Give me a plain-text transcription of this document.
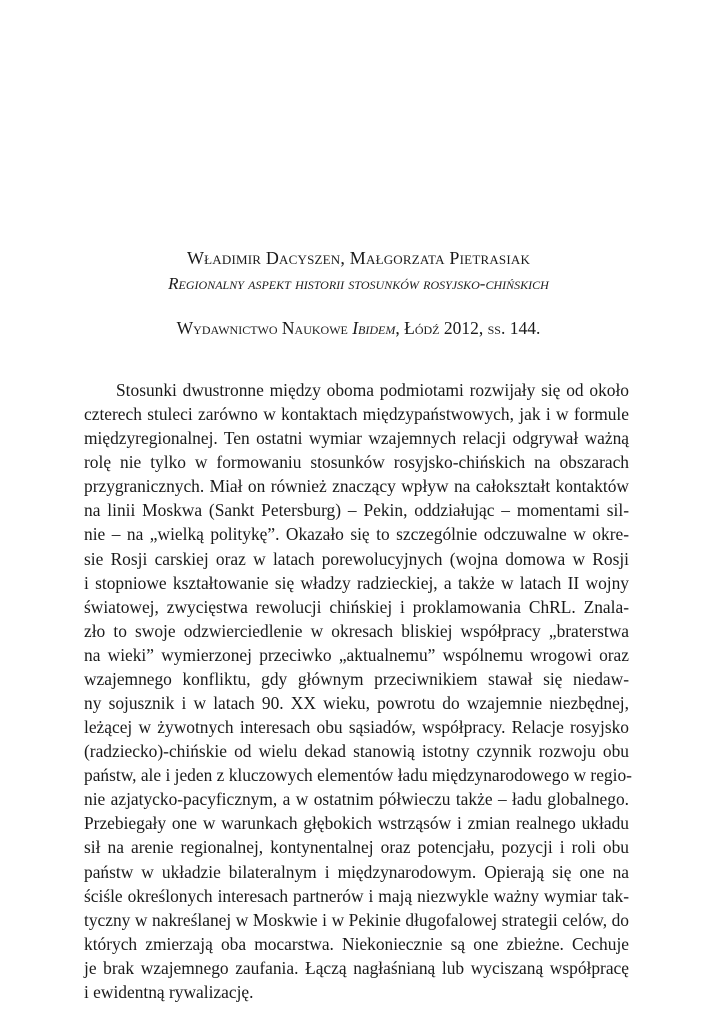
Władimir Dacyszen, Małgorzata Pietrasiak
Regionalny aspekt historii stosunków rosyjsko-chińskich
Wydawnictwo Naukowe Ibidem, Łódź 2012, ss. 144.
Stosunki dwustronne między oboma podmiotami rozwijały się od około
czterech stuleci zarówno w kontaktach międzypaństwowych, jak i w formule
międzyregionalnej. Ten ostatni wymiar wzajemnych relacji odgrywał ważną
rolę nie tylko w formowaniu stosunków rosyjsko-chińskich na obszarach
przygranicznych. Miał on również znaczący wpływ na całokształt kontaktów
na linii Moskwa (Sankt Petersburg) – Pekin, oddziałując – momentami sil-
nie – na „wielką politykę”. Okazało się to szczególnie odczuwalne w okre-
sie Rosji carskiej oraz w latach porewolucyjnych (wojna domowa w Rosji
i stopniowe kształtowanie się władzy radzieckiej, a także w latach II wojny
światowej, zwycięstwa rewolucji chińskiej i proklamowania ChRL. Znala-
zło to swoje odzwierciedlenie w okresach bliskiej współpracy „braterstwa
na wieki” wymierzonej przeciwko „aktualnemu” wspólnemu wrogowi oraz
wzajemnego konfliktu, gdy głównym przeciwnikiem stawał się niedaw-
ny sojusznik i w latach 90. XX wieku, powrotu do wzajemnie niezbędnej,
leżącej w żywotnych interesach obu sąsiadów, współpracy. Relacje rosyjsko
(radziecko)-chińskie od wielu dekad stanowią istotny czynnik rozwoju obu
państw, ale i jeden z kluczowych elementów ładu międzynarodowego w regio-
nie azjatycko-pacyficznym, a w ostatnim półwieczu także – ładu globalnego.
Przebiegały one w warunkach głębokich wstrząsów i zmian realnego układu
sił na arenie regionalnej, kontynentalnej oraz potencjału, pozycji i roli obu
państw w układzie bilateralnym i międzynarodowym. Opierają się one na
ściśle określonych interesach partnerów i mają niezwykle ważny wymiar tak-
tyczny w nakreślanej w Moskwie i w Pekinie długofalowej strategii celów, do
których zmierzają oba mocarstwa. Niekoniecznie są one zbieżne. Cechuje
je brak wzajemnego zaufania. Łączą nagłaśnianą lub wyciszaną współpracę
i ewidentną rywalizację.
